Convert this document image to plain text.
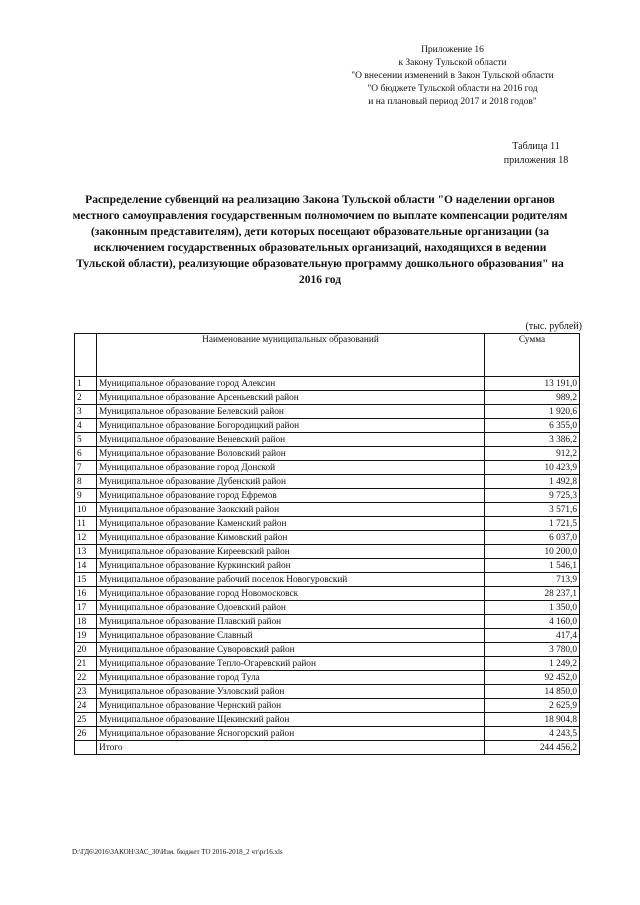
Приложение 16
к Закону Тульской области
"О внесении изменений в Закон Тульской области
"О бюджете Тульской области на 2016 год
и на плановый период 2017 и 2018 годов"
Таблица 11
приложения 18
Распределение субвенций на реализацию Закона Тульской области "О наделении органов местного самоуправления государственным полномочием по выплате компенсации родителям (законным представителям), дети которых посещают образовательные организации (за исключением государственных образовательных организаций, находящихся в ведении Тульской области), реализующие образовательную программу дошкольного образования" на 2016 год
(тыс. рублей)
	Наименование муниципальных образований	Сумма
1	Муниципальное образование город Алексин	13 191,0
2	Муниципальное образование Арсеньевский район	989,2
3	Муниципальное образование Белевский район	1 920,6
4	Муниципальное образование Богородицкий район	6 355,0
5	Муниципальное образование Веневский район	3 386,2
6	Муниципальное образование Воловский район	912,2
7	Муниципальное образование город Донской	10 423,9
8	Муниципальное образование Дубенский район	1 492,8
9	Муниципальное образование город Ефремов	9 725,3
10	Муниципальное образование Заокский район	3 571,6
11	Муниципальное образование Каменский район	1 721,5
12	Муниципальное образование Кимовский район	6 037,0
13	Муниципальное образование Киреевский район	10 200,0
14	Муниципальное образование Куркинский район	1 546,1
15	Муниципальное образование рабочий поселок Новогуровский	713,9
16	Муниципальное образование город Новомосковск	28 237,1
17	Муниципальное образование Одоевский район	1 350,0
18	Муниципальное образование Плавский район	4 160,0
19	Муниципальное образование Славный	417,4
20	Муниципальное образование Суворовский район	3 780,0
21	Муниципальное образование Тепло-Огаревский район	1 249,2
22	Муниципальное образование город Тула	92 452,0
23	Муниципальное образование Узловский район	14 850,0
24	Муниципальное образование Чернский район	2 625,9
25	Муниципальное образование Щекинский район	18 904,8
26	Муниципальное образование Ясногорский район	4 243,5
	Итого	244 456,2
D:\ГД6\2016\ЗАКОН\ЗАС_30\Изм. бюджет ТО 2016-2018_2 чт\pr16.xls
